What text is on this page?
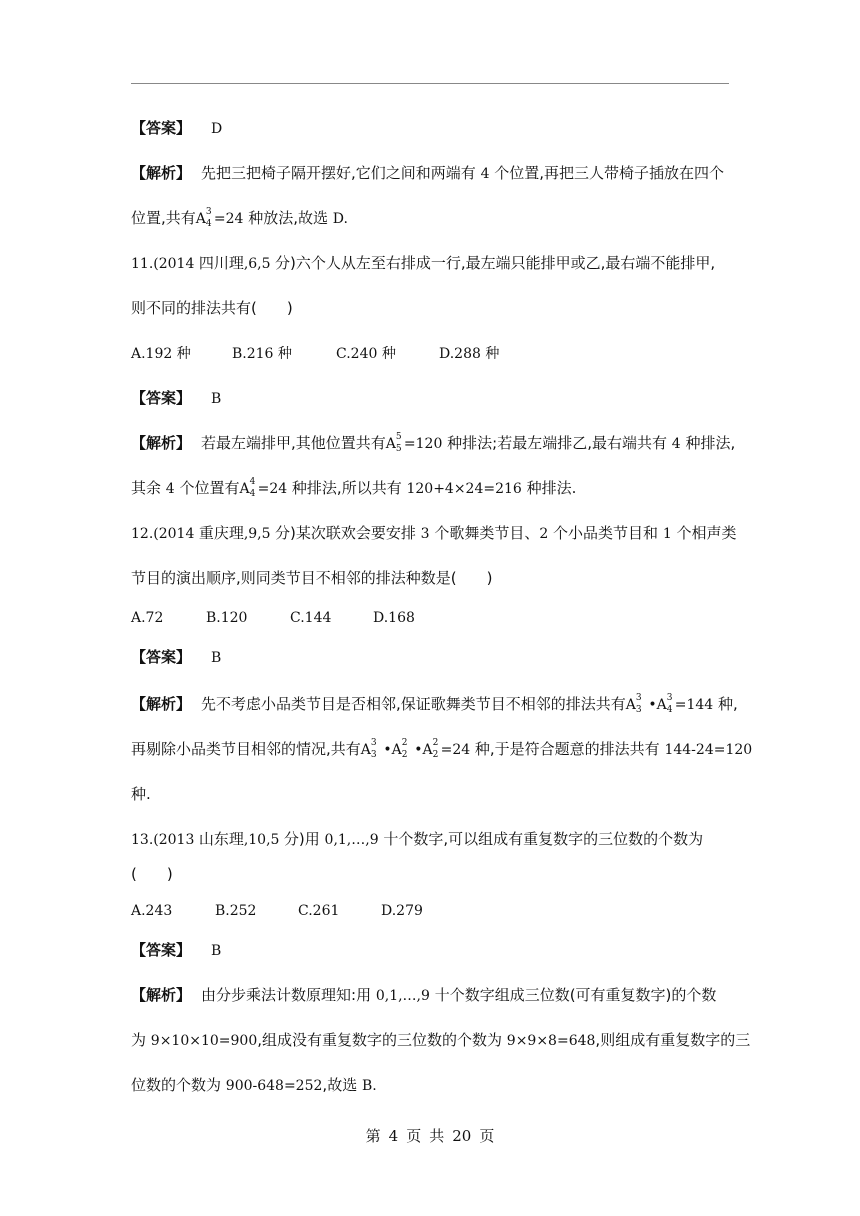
【答案】 D
【解析】 先把三把椅子隔开摆好,它们之间和两端有 4 个位置,再把三人带椅子插放在四个
位置,共有A 3
4 =24 种放法,故选 D.
11.(2014 四川理,6,5 分)六个人从左至右排成一行,最左端只能排甲或乙,最右端不能排甲,
则不同的排法共有(　　)
A.192 种	B.216 种	C.240 种	D.288 种
【答案】 B
【解析】 若最左端排甲,其他位置共有A 5
5 =120 种排法;若最左端排乙,最右端共有 4 种排法,
其余 4 个位置有A 4
4 =24 种排法,所以共有 120+4×24=216 种排法.
12.(2014 重庆理,9,5 分)某次联欢会要安排 3 个歌舞类节目、2 个小品类节目和 1 个相声类
节目的演出顺序,则同类节目不相邻的排法种数是(　　)
A.72	B.120	C.144	D.168
【答案】 B
【解析】 先不考虑小品类节目是否相邻,保证歌舞类节目不相邻的排法共有A 3
3 •A 3
4 =144 种,
再剔除小品类节目相邻的情况,共有A 3
3 •A 2
2 •A 2
2 =24 种,于是符合题意的排法共有 144-24=120
种.
13.(2013 山东理,10,5 分)用 0,1,…,9 十个数字,可以组成有重复数字的三位数的个数为
(　　)
A.243	B.252	C.261	D.279
【答案】 B
【解析】 由分步乘法计数原理知:用 0,1,…,9 十个数字组成三位数(可有重复数字)的个数
为 9×10×10=900,组成没有重复数字的三位数的个数为 9×9×8=648,则组成有重复数字的三
位数的个数为 900-648=252,故选 B.
第 4 页 共 20 页
